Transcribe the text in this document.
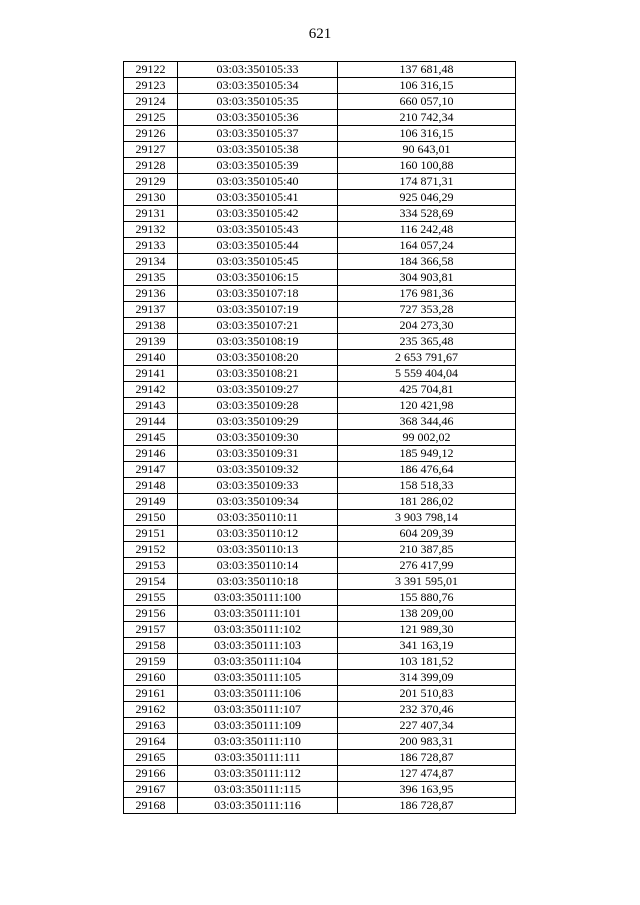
621
29122	03:03:350105:33	137 681,48
29123	03:03:350105:34	106 316,15
29124	03:03:350105:35	660 057,10
29125	03:03:350105:36	210 742,34
29126	03:03:350105:37	106 316,15
29127	03:03:350105:38	90 643,01
29128	03:03:350105:39	160 100,88
29129	03:03:350105:40	174 871,31
29130	03:03:350105:41	925 046,29
29131	03:03:350105:42	334 528,69
29132	03:03:350105:43	116 242,48
29133	03:03:350105:44	164 057,24
29134	03:03:350105:45	184 366,58
29135	03:03:350106:15	304 903,81
29136	03:03:350107:18	176 981,36
29137	03:03:350107:19	727 353,28
29138	03:03:350107:21	204 273,30
29139	03:03:350108:19	235 365,48
29140	03:03:350108:20	2 653 791,67
29141	03:03:350108:21	5 559 404,04
29142	03:03:350109:27	425 704,81
29143	03:03:350109:28	120 421,98
29144	03:03:350109:29	368 344,46
29145	03:03:350109:30	99 002,02
29146	03:03:350109:31	185 949,12
29147	03:03:350109:32	186 476,64
29148	03:03:350109:33	158 518,33
29149	03:03:350109:34	181 286,02
29150	03:03:350110:11	3 903 798,14
29151	03:03:350110:12	604 209,39
29152	03:03:350110:13	210 387,85
29153	03:03:350110:14	276 417,99
29154	03:03:350110:18	3 391 595,01
29155	03:03:350111:100	155 880,76
29156	03:03:350111:101	138 209,00
29157	03:03:350111:102	121 989,30
29158	03:03:350111:103	341 163,19
29159	03:03:350111:104	103 181,52
29160	03:03:350111:105	314 399,09
29161	03:03:350111:106	201 510,83
29162	03:03:350111:107	232 370,46
29163	03:03:350111:109	227 407,34
29164	03:03:350111:110	200 983,31
29165	03:03:350111:111	186 728,87
29166	03:03:350111:112	127 474,87
29167	03:03:350111:115	396 163,95
29168	03:03:350111:116	186 728,87
